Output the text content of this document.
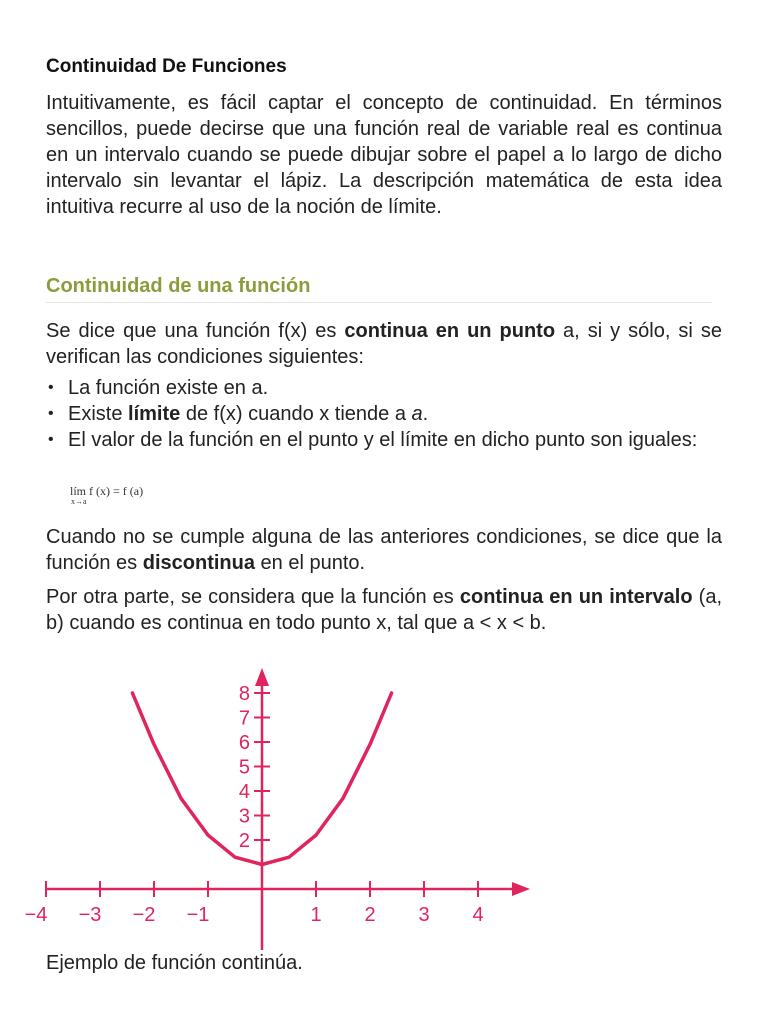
Continuidad De Funciones
Intuitivamente, es fácil captar el concepto de continuidad. En términos sencillos, puede decirse que una función real de variable real es continua en un intervalo cuando se puede dibujar sobre el papel a lo largo de dicho intervalo sin levantar el lápiz. La descripción matemática de esta idea intuitiva recurre al uso de la noción de límite.
Continuidad de una función
Se dice que una función f(x) es continua en un punto a, si y sólo, si se verifican las condiciones siguientes:
• La función existe en a.
• Existe límite de f(x) cuando x tiende a a.
• El valor de la función en el punto y el límite en dicho punto son iguales:
lím f (x) = f (a)
x→a
Cuando no se cumple alguna de las anteriores condiciones, se dice que la función es discontinua en el punto.
Por otra parte, se considera que la función es continua en un intervalo (a, b) cuando es continua en todo punto x, tal que a < x < b.
−4 −3 −2 −1	1 2 3 4
2
3
4
5
6
7
8
Ejemplo de función continúa.
